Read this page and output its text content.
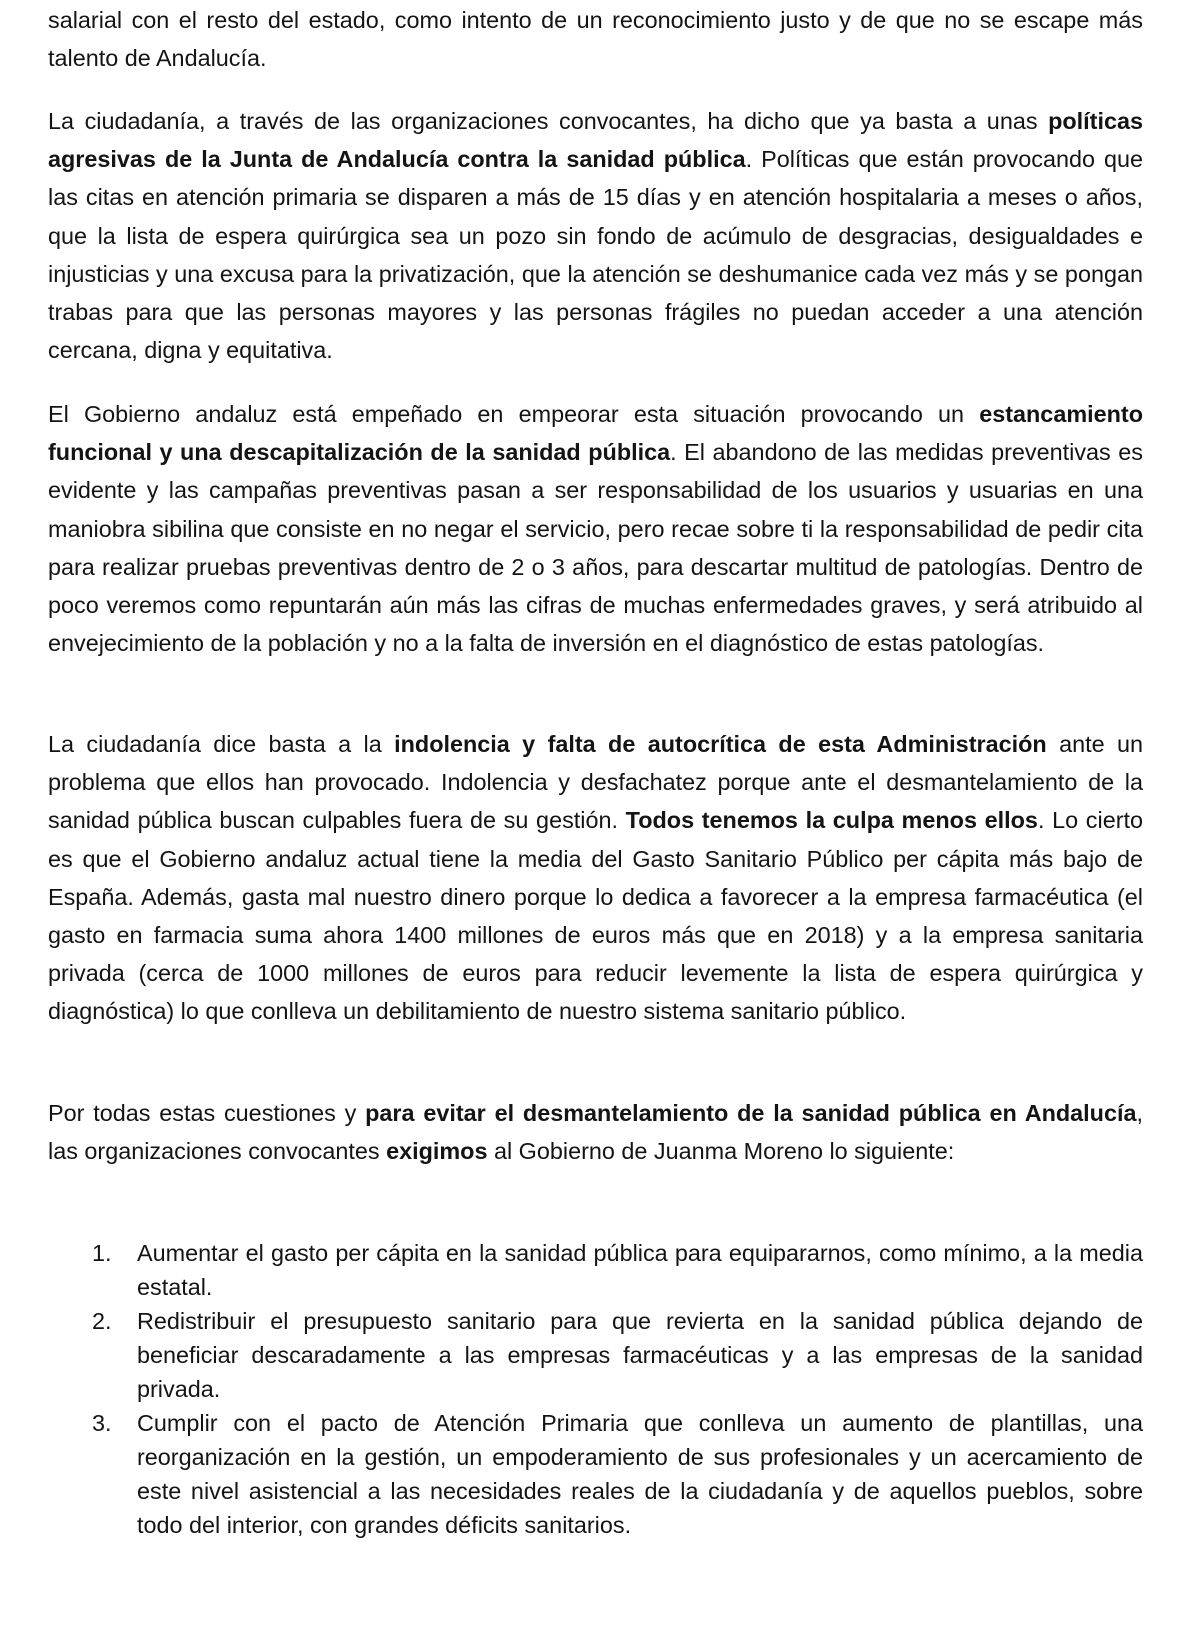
salarial con el resto del estado, como intento de un reconocimiento justo y de que no se escape más talento de Andalucía.

La ciudadanía, a través de las organizaciones convocantes, ha dicho que ya basta a unas políticas agresivas de la Junta de Andalucía contra la sanidad pública. Políticas que están provocando que las citas en atención primaria se disparen a más de 15 días y en atención hospitalaria a meses o años, que la lista de espera quirúrgica sea un pozo sin fondo de acúmulo de desgracias, desigualdades e injusticias y una excusa para la privatización, que la atención se deshumanice cada vez más y se pongan trabas para que las personas mayores y las personas frágiles no puedan acceder a una atención cercana, digna y equitativa.

El Gobierno andaluz está empeñado en empeorar esta situación provocando un estancamiento funcional y una descapitalización de la sanidad pública. El abandono de las medidas preventivas es evidente y las campañas preventivas pasan a ser responsabilidad de los usuarios y usuarias en una maniobra sibilina que consiste en no negar el servicio, pero recae sobre ti la responsabilidad de pedir cita para realizar pruebas preventivas dentro de 2 o 3 años, para descartar multitud de patologías. Dentro de poco veremos como repuntarán aún más las cifras de muchas enfermedades graves, y será atribuido al envejecimiento de la población y no a la falta de inversión en el diagnóstico de estas patologías.

La ciudadanía dice basta a la indolencia y falta de autocrítica de esta Administración ante un problema que ellos han provocado. Indolencia y desfachatez porque ante el desmantelamiento de la sanidad pública buscan culpables fuera de su gestión. Todos tenemos la culpa menos ellos. Lo cierto es que el Gobierno andaluz actual tiene la media del Gasto Sanitario Público per cápita más bajo de España. Además, gasta mal nuestro dinero porque lo dedica a favorecer a la empresa farmacéutica (el gasto en farmacia suma ahora 1400 millones de euros más que en 2018) y a la empresa sanitaria privada (cerca de 1000 millones de euros para reducir levemente la lista de espera quirúrgica y diagnóstica) lo que conlleva un debilitamiento de nuestro sistema sanitario público.

Por todas estas cuestiones y para evitar el desmantelamiento de la sanidad pública en Andalucía, las organizaciones convocantes exigimos al Gobierno de Juanma Moreno lo siguiente:

1. Aumentar el gasto per cápita en la sanidad pública para equipararnos, como mínimo, a la media estatal.
2. Redistribuir el presupuesto sanitario para que revierta en la sanidad pública dejando de beneficiar descaradamente a las empresas farmacéuticas y a las empresas de la sanidad privada.
3. Cumplir con el pacto de Atención Primaria que conlleva un aumento de plantillas, una reorganización en la gestión, un empoderamiento de sus profesionales y un acercamiento de este nivel asistencial a las necesidades reales de la ciudadanía y de aquellos pueblos, sobre todo del interior, con grandes déficits sanitarios.
